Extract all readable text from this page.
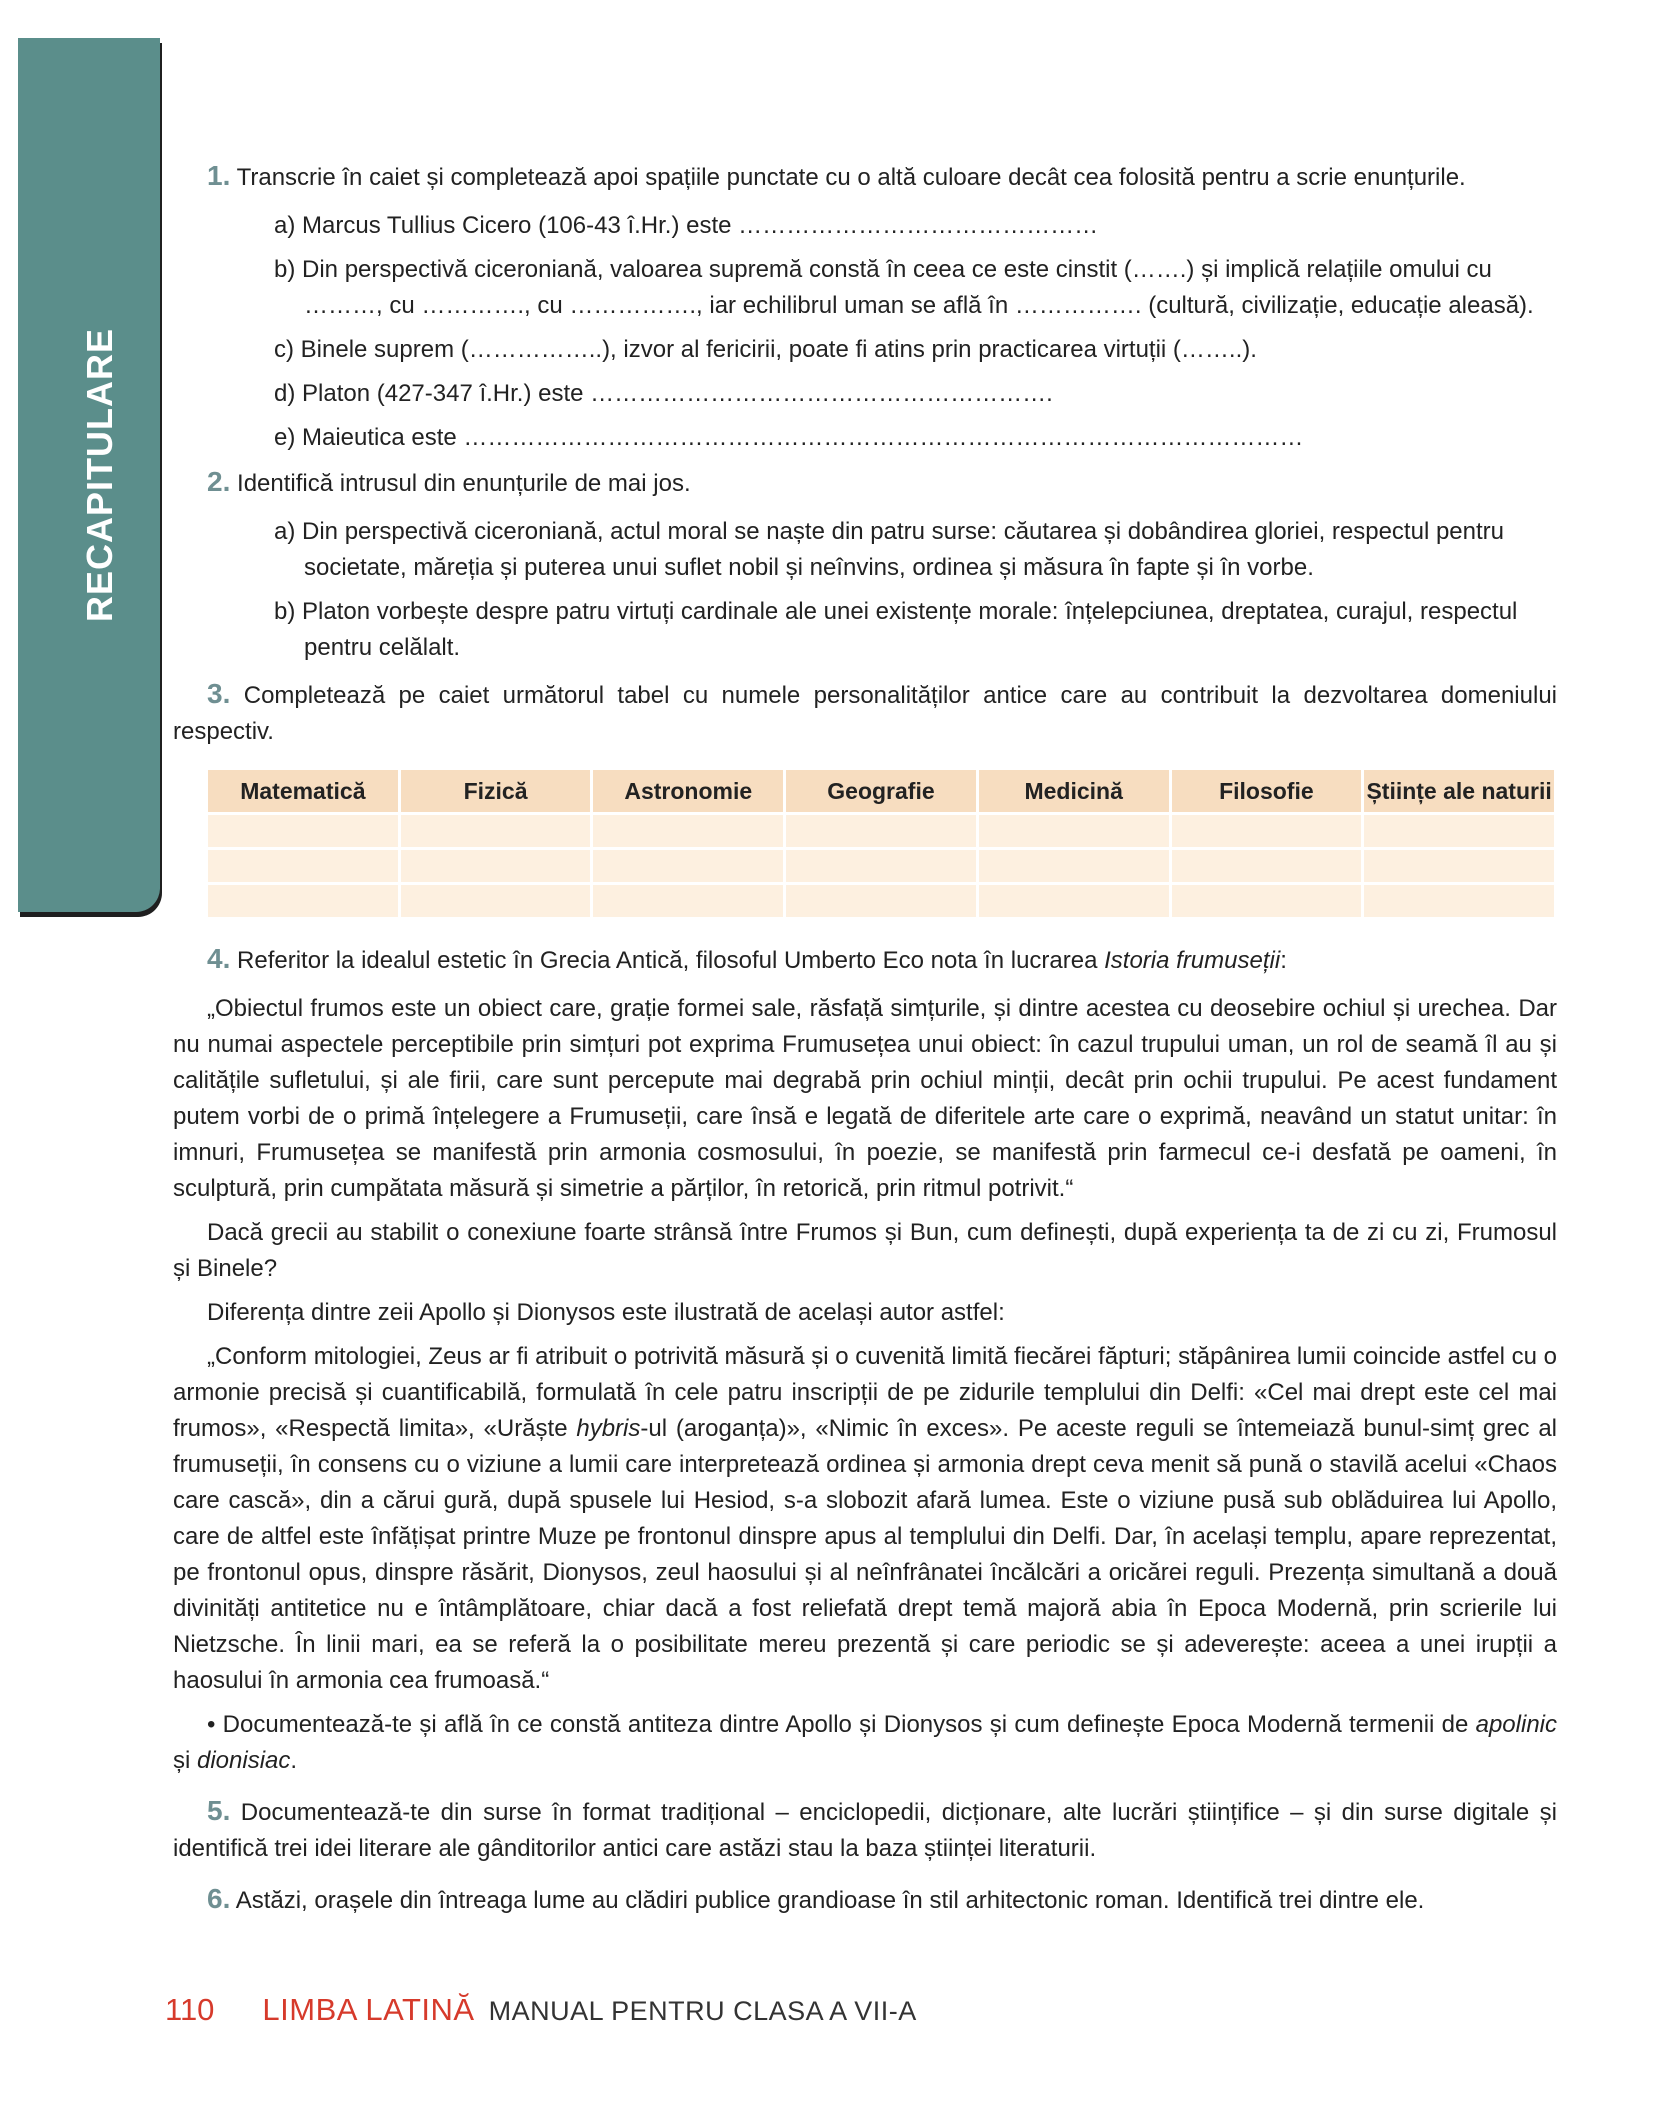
RECAPITULARE
1. Transcrie în caiet și completează apoi spațiile punctate cu o altă culoare decât cea folosită pentru a scrie enunțurile.
a) Marcus Tullius Cicero (106-43 î.Hr.) este ………………………………………
b) Din perspectivă ciceroniană, valoarea supremă constă în ceea ce este cinstit (…….) și implică relațiile omului cu ………, cu …………., cu ……………., iar echilibrul uman se află în ……………. (cultură, civilizație, educație aleasă).
c) Binele suprem (……………..), izvor al fericirii, poate fi atins prin practicarea virtuții (……..).
d) Platon (427-347 î.Hr.) este ………………………………………………….
e) Maieutica este ……………………………………………………………………………………………
2. Identifică intrusul din enunțurile de mai jos.
a) Din perspectivă ciceroniană, actul moral se naște din patru surse: căutarea și dobândirea gloriei, respectul pentru societate, măreția și puterea unui suflet nobil și neînvins, ordinea și măsura în fapte și în vorbe.
b) Platon vorbește despre patru virtuți cardinale ale unei existențe morale: înțelepciunea, dreptatea, curajul, respectul pentru celălalt.
3. Completează pe caiet următorul tabel cu numele personalităților antice care au contribuit la dezvoltarea domeniului respectiv.
Matematică	Fizică	Astronomie	Geografie	Medicină	Filosofie	Științe ale naturii

4. Referitor la idealul estetic în Grecia Antică, filosoful Umberto Eco nota în lucrarea Istoria frumuseții:
„Obiectul frumos este un obiect care, grație formei sale, răsfață simțurile, și dintre acestea cu deosebire ochiul și urechea. Dar nu numai aspectele perceptibile prin simțuri pot exprima Frumusețea unui obiect: în cazul trupului uman, un rol de seamă îl au și calitățile sufletului, și ale firii, care sunt percepute mai degrabă prin ochiul minții, decât prin ochii trupului. Pe acest fundament putem vorbi de o primă înțelegere a Frumuseții, care însă e legată de diferitele arte care o exprimă, neavând un statut unitar: în imnuri, Frumusețea se manifestă prin armonia cosmosului, în poezie, se manifestă prin farmecul ce-i desfată pe oameni, în sculptură, prin cumpătata măsură și simetrie a părților, în retorică, prin ritmul potrivit.“
Dacă grecii au stabilit o conexiune foarte strânsă între Frumos și Bun, cum definești, după experiența ta de zi cu zi, Frumosul și Binele?
Diferența dintre zeii Apollo și Dionysos este ilustrată de același autor astfel:
„Conform mitologiei, Zeus ar fi atribuit o potrivită măsură și o cuvenită limită fiecărei făpturi; stăpânirea lumii coincide astfel cu o armonie precisă și cuantificabilă, formulată în cele patru inscripții de pe zidurile templului din Delfi: «Cel mai drept este cel mai frumos», «Respectă limita», «Urăște hybris-ul (aroganța)», «Nimic în exces». Pe aceste reguli se întemeiază bunul-simț grec al frumuseții, în consens cu o viziune a lumii care interpretează ordinea și armonia drept ceva menit să pună o stavilă acelui «Chaos care cască», din a cărui gură, după spusele lui Hesiod, s-a slobozit afară lumea. Este o viziune pusă sub oblăduirea lui Apollo, care de altfel este înfățișat printre Muze pe frontonul dinspre apus al templului din Delfi. Dar, în același templu, apare reprezentat, pe frontonul opus, dinspre răsărit, Dionysos, zeul haosului și al neînfrânatei încălcări a oricărei reguli. Prezența simultană a două divinități antitetice nu e întâmplătoare, chiar dacă a fost reliefată drept temă majoră abia în Epoca Modernă, prin scrierile lui Nietzsche. În linii mari, ea se referă la o posibilitate mereu prezentă și care periodic se și adeverește: aceea a unei irupții a haosului în armonia cea frumoasă.“
• Documentează-te și află în ce constă antiteza dintre Apollo și Dionysos și cum definește Epoca Modernă termenii de apolinic și dionisiac.
5. Documentează-te din surse în format tradițional – enciclopedii, dicționare, alte lucrări științifice – și din surse digitale și identifică trei idei literare ale gânditorilor antici care astăzi stau la baza științei literaturii.
6. Astăzi, orașele din întreaga lume au clădiri publice grandioase în stil arhitectonic roman. Identifică trei dintre ele.
110 LIMBA LATINĂ MANUAL PENTRU CLASA A VII-A
